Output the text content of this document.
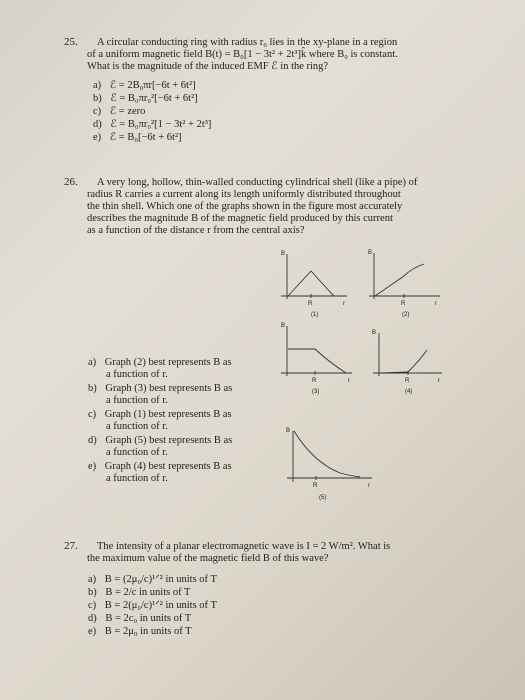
25. A circular conducting ring with radius r₀ lies in the xy-plane in a region
of a uniform magnetic field B(t) = B₀[1 − 3t² + 2t³]k̂ where B₀ is constant.
What is the magnitude of the induced EMF ℰ in the ring?
a) ℰ = 2B₀πr[−6t + 6t²]
b) ℰ = B₀πr₀²[−6t + 6t²]
c) ℰ = zero
d) ℰ = B₀πr₀²[1 − 3t² + 2t³]
e) ℰ = B₀[−6t + 6t²]
26. A very long, hollow, thin-walled conducting cylindrical shell (like a pipe) of
radius R carries a current along its length uniformly distributed throughout
the thin shell. Which one of the graphs shown in the figure most accurately
describes the magnitude B of the magnetic field produced by this current
as a function of the distance r from the central axis?
a) Graph (2) best represents B as
a function of r.
b) Graph (3) best represents B as
a function of r.
c) Graph (1) best represents B as
a function of r.
d) Graph (5) best represents B as
a function of r.
e) Graph (4) best represents B as
a function of r.
B
R	r
(1)
B
R	r
(2)
B
R	r
(3)
B
R	r
(4)
B
R	r
(5)
27. The intensity of a planar electromagnetic wave is I = 2 W/m². What is
the maximum value of the magnetic field B of this wave?
a) B = (2μ₀/c)¹ᐟ² in units of T
b) B = 2/c in units of T
c) B = 2(μ₀/c)¹ᐟ² in units of T
d) B = 2c₀ in units of T
e) B = 2μ₀ in units of T
